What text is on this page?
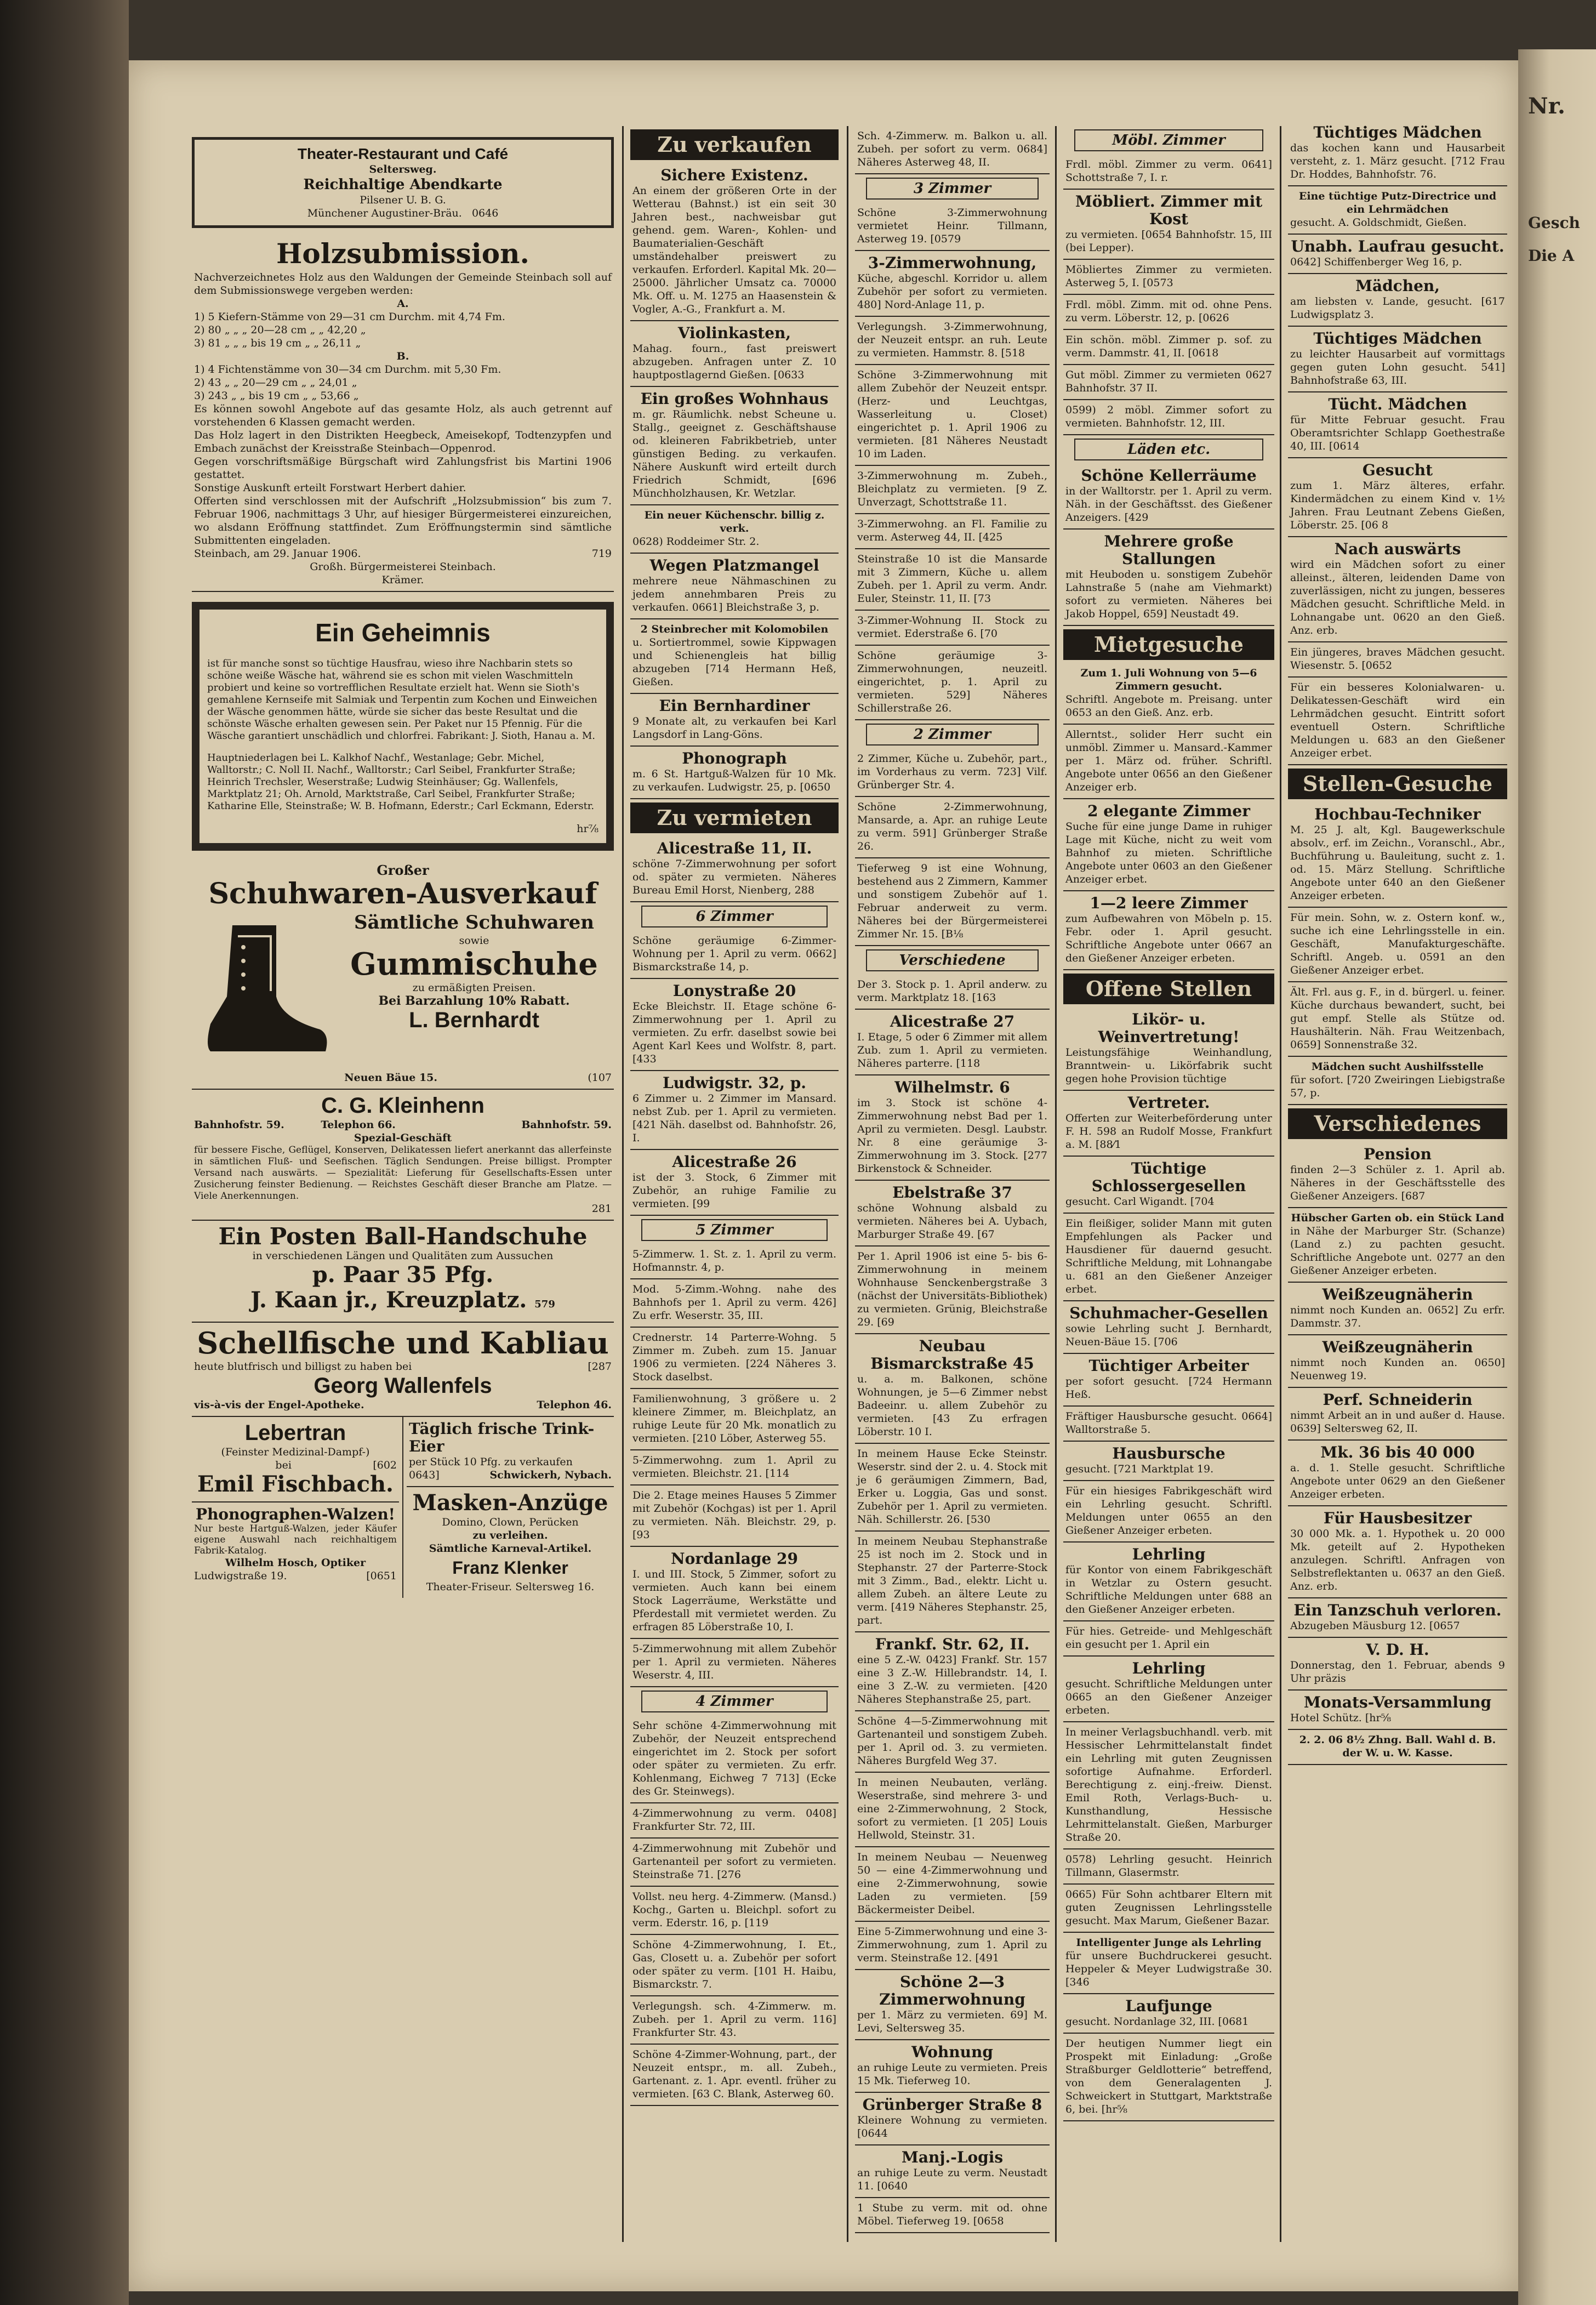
Nr.
Gesch
Die A
Theater-Restaurant und Café
Seltersweg.
Reichhaltige Abendkarte
Pilsener U. B. G.
Münchener Augustiner-Bräu. 0646
Holzsubmission.

Nachverzeichnetes Holz aus den Waldungen der Gemeinde Steinbach soll auf dem Submissionswege vergeben werden:

A.
1) 5 Kiefern-Stämme von 29—31 cm Durchm. mit 4,74 Fm.
2) 80 „ „ „ 20—28 cm „ „ 42,20 „
3) 81 „ „ „ bis 19 cm „ „ 26,11 „
B.
1) 4 Fichtenstämme von 30—34 cm Durchm. mit 5,30 Fm.
2) 43 „ „ 20—29 cm „ „ 24,01 „
3) 243 „ „ bis 19 cm „ „ 53,66 „

Es können sowohl Angebote auf das gesamte Holz, als auch getrennt auf vorstehenden 6 Klassen gemacht werden.

Das Holz lagert in den Distrikten Heegbeck, Ameisekopf, Todtenzypfen und Embach zunächst der Kreisstraße Steinbach—Oppenrod.

Gegen vorschriftsmäßige Bürgschaft wird Zahlungsfrist bis Martini 1906 gestattet.

Sonstige Auskunft erteilt Forstwart Herbert dahier.

Offerten sind verschlossen mit der Aufschrift „Holzsubmission“ bis zum 7. Februar 1906, nachmittags 3 Uhr, auf hiesiger Bürgermeisterei einzureichen, wo alsdann Eröffnung stattfindet. Zum Eröffnungstermin sind sämtliche Submittenten eingeladen.

Steinbach, am 29. Januar 1906.	719
Großh. Bürgermeisterei Steinbach.
Krämer.
Ein Geheimnis

ist für manche sonst so tüchtige Hausfrau, wieso ihre Nachbarin stets so schöne weiße Wäsche hat, während sie es schon mit vielen Waschmitteln probiert und keine so vortrefflichen Resultate erzielt hat. Wenn sie Sioth's gemahlene Kernseife mit Salmiak und Terpentin zum Kochen und Einweichen der Wäsche genommen hätte, würde sie sicher das beste Resultat und die schönste Wäsche erhalten gewesen sein. Per Paket nur 15 Pfennig. Für die Wäsche garantiert unschädlich und chlorfrei. Fabrikant: J. Sioth, Hanau a. M.

Hauptniederlagen bei L. Kalkhof Nachf., Westanlage; Gebr. Michel, Walltorstr.; C. Noll II. Nachf., Walltorstr.; Carl Seibel, Frankfurter Straße; Heinrich Trechsler, Weserstraße; Ludwig Steinhäuser; Gg. Wallenfels, Marktplatz 21; Oh. Arnold, Marktstraße, Carl Seibel, Frankfurter Straße; Katharine Elle, Steinstraße; W. B. Hofmann, Ederstr.; Carl Eckmann, Ederstr.

hr⅞
Großer
Schuhwaren-Ausverkauf
Sämtliche Schuhwaren
sowie
Gummischuhe
zu ermäßigten Preisen.
Bei Barzahlung 10% Rabatt.
L. Bernhardt
Neuen Bäue 15.	(107
C. G. Kleinhenn
Bahnhofstr. 59.	Telephon 66.	Bahnhofstr. 59.
Spezial-Geschäft

für bessere Fische, Geflügel, Konserven, Delikatessen liefert anerkannt das allerfeinste in sämtlichen Fluß- und Seefischen. Täglich Sendungen. Preise billigst. Prompter Versand nach auswärts. — Spezialität: Lieferung für Gesellschafts-Essen unter Zusicherung feinster Bedienung. — Reichstes Geschäft dieser Branche am Platze. — Viele Anerkennungen.

281
Ein Posten Ball-Handschuhe
in verschiedenen Längen und Qualitäten zum Aussuchen
p. Paar 35 Pfg.
J. Kaan jr., Kreuzplatz. 579
Schellfische und Kabliau
heute blutfrisch und billigst zu haben bei	[287
Georg Wallenfels
vis-à-vis der Engel-Apotheke.	Telephon 46.
Lebertran
(Feinster Medizinal-Dampf-)
bei	[602
Emil Fischbach.
Phonographen-Walzen!

Nur beste Hartguß-Walzen, jeder Käufer eigene Auswahl nach reichhaltigem Fabrik-Katalog.

Wilhelm Hosch, Optiker
Ludwigstraße 19.	[0651
Täglich frische Trink-Eier
per Stück 10 Pfg. zu verkaufen
0643]	Schwickerh, Nybach.
Masken-Anzüge
Domino, Clown, Perücken
zu verleihen.
Sämtliche Karneval-Artikel.
Franz Klenker
Theater-Friseur. Seltersweg 16.
Zu verkaufen
Sichere Existenz.

An einem der größeren Orte in der Wetterau (Bahnst.) ist ein seit 30 Jahren best., nachweisbar gut gehend. gem. Waren-, Kohlen- und Baumaterialien-Geschäft umständehalber preiswert zu verkaufen. Erforderl. Kapital Mk. 20—25000. Jährlicher Umsatz ca. 70000 Mk. Off. u. M. 1275 an Haasenstein & Vogler, A.-G., Frankfurt a. M.

Violinkasten,

Mahag. fourn., fast preiswert abzugeben. Anfragen unter Z. 10 hauptpostlagernd Gießen. [0633

Ein großes Wohnhaus

m. gr. Räumlichk. nebst Scheune u. Stallg., geeignet z. Geschäftshause od. kleineren Fabrikbetrieb, unter günstigen Beding. zu verkaufen. Nähere Auskunft wird erteilt durch Friedrich Schmidt, [696 Münchholzhausen, Kr. Wetzlar.

Ein neuer Küchenschr. billig z. verk.

0628) Roddeimer Str. 2.

Wegen Platzmangel

mehrere neue Nähmaschinen zu jedem annehmbaren Preis zu verkaufen. 0661] Bleichstraße 3, p.

2 Steinbrecher mit Kolomobilen

u. Sortiertrommel, sowie Kippwagen und Schienengleis hat billig abzugeben [714 Hermann Heß, Gießen.

Ein Bernhardiner

9 Monate alt, zu verkaufen bei Karl Langsdorf in Lang-Göns.

Phonograph

m. 6 St. Hartguß-Walzen für 10 Mk. zu verkaufen. Ludwigstr. 25, p. [0650

Zu vermieten
Alicestraße 11, II.

schöne 7-Zimmerwohnung per sofort od. später zu vermieten. Näheres Bureau Emil Horst, Nienberg, 288

6 Zimmer

Schöne geräumige 6-Zimmer-Wohnung per 1. April zu verm. 0662] Bismarckstraße 14, p.

Lonystraße 20

Ecke Bleichstr. II. Etage schöne 6-Zimmerwohnung per 1. April zu vermieten. Zu erfr. daselbst sowie bei Agent Karl Kees und Wolfstr. 8, part. [433

Ludwigstr. 32, p.

6 Zimmer u. 2 Zimmer im Mansard. nebst Zub. per 1. April zu vermieten. [421 Näh. daselbst od. Bahnhofstr. 26, I.

Alicestraße 26

ist der 3. Stock, 6 Zimmer mit Zubehör, an ruhige Familie zu vermieten. [99

5 Zimmer

5-Zimmerw. 1. St. z. 1. April zu verm. Hofmannstr. 4, p.

Mod. 5-Zimm.-Wohng. nahe des Bahnhofs per 1. April zu verm. 426] Zu erfr. Weserstr. 35, III.

Crednerstr. 14 Parterre-Wohng. 5 Zimmer m. Zubeh. zum 15. Januar 1906 zu vermieten. [224 Näheres 3. Stock daselbst.

Familienwohnung, 3 größere u. 2 kleinere Zimmer, m. Bleichplatz, an ruhige Leute für 20 Mk. monatlich zu vermieten. [210 Löber, Asterweg 55.

5-Zimmerwohng. zum 1. April zu vermieten. Bleichstr. 21. [114

Die 2. Etage meines Hauses 5 Zimmer mit Zubehör (Kochgas) ist per 1. April zu vermieten. Näh. Bleichstr. 29, p. [93

Nordanlage 29

I. und III. Stock, 5 Zimmer, sofort zu vermieten. Auch kann bei einem Stock Lagerräume, Werkstätte und Pferdestall mit vermietet werden. Zu erfragen 85 Löberstraße 10, I.

5-Zimmerwohnung mit allem Zubehör per 1. April zu vermieten. Näheres Weserstr. 4, III.

4 Zimmer

Sehr schöne 4-Zimmerwohnung mit Zubehör, der Neuzeit entsprechend eingerichtet im 2. Stock per sofort oder später zu vermieten. Zu erfr. Kohlenmang, Eichweg 7 713] (Ecke des Gr. Steinwegs).

4-Zimmerwohnung zu verm. 0408] Frankfurter Str. 72, III.

4-Zimmerwohnung mit Zubehör und Gartenanteil per sofort zu vermieten. Steinstraße 71. [276

Vollst. neu herg. 4-Zimmerw. (Mansd.) Kochg., Garten u. Bleichpl. sofort zu verm. Ederstr. 16, p. [119

Schöne 4-Zimmerwohnung, I. Et., Gas, Closett u. a. Zubehör per sofort oder später zu verm. [101 H. Haibu, Bismarckstr. 7.

Verlegungsh. sch. 4-Zimmerw. m. Zubeh. per 1. April zu verm. 116] Frankfurter Str. 43.

Schöne 4-Zimmer-Wohnung, part., der Neuzeit entspr., m. all. Zubeh., Gartenant. z. 1. Apr. eventl. früher zu vermieten. [63 C. Blank, Asterweg 60.

Sch. 4-Zimmerw. m. Balkon u. all. Zubeh. per sofort zu verm. 0684] Näheres Asterweg 48, II.

3 Zimmer

Schöne 3-Zimmerwohnung vermietet Heinr. Tillmann, Asterweg 19. [0579

3-Zimmerwohnung,

Küche, abgeschl. Korridor u. allem Zubehör per sofort zu vermieten. 480] Nord-Anlage 11, p.

Verlegungsh. 3-Zimmerwohnung, der Neuzeit entspr. an ruh. Leute zu vermieten. Hammstr. 8. [518

Schöne 3-Zimmerwohnung mit allem Zubehör der Neuzeit entspr. (Herz- und Leuchtgas, Wasserleitung u. Closet) eingerichtet p. 1. April 1906 zu vermieten. [81 Näheres Neustadt 10 im Laden.

3-Zimmerwohnung m. Zubeh., Bleichplatz zu vermieten. [9 Z. Unverzagt, Schottstraße 11.

3-Zimmerwohng. an Fl. Familie zu verm. Asterweg 44, II. [425

Steinstraße 10 ist die Mansarde mit 3 Zimmern, Küche u. allem Zubeh. per 1. April zu verm. Andr. Euler, Steinstr. 11, II. [73

3-Zimmer-Wohnung II. Stock zu vermiet. Ederstraße 6. [70

Schöne geräumige 3-Zimmerwohnungen, neuzeitl. eingerichtet, p. 1. April zu vermieten. 529] Näheres Schillerstraße 26.

2 Zimmer

2 Zimmer, Küche u. Zubehör, part., im Vorderhaus zu verm. 723] Vilf. Grünberger Str. 4.

Schöne 2-Zimmerwohnung, Mansarde, a. Apr. an ruhige Leute zu verm. 591] Grünberger Straße 26.

Tieferweg 9 ist eine Wohnung, bestehend aus 2 Zimmern, Kammer und sonstigem Zubehör auf 1. Februar anderweit zu verm. Näheres bei der Bürgermeisterei Zimmer Nr. 15. [B⅛

Verschiedene

Der 3. Stock p. 1. April anderw. zu verm. Marktplatz 18. [163

Alicestraße 27

I. Etage, 5 oder 6 Zimmer mit allem Zub. zum 1. April zu vermieten. Näheres parterre. [118

Wilhelmstr. 6

im 3. Stock ist schöne 4-Zimmerwohnung nebst Bad per 1. April zu vermieten. Desgl. Laubstr. Nr. 8 eine geräumige 3-Zimmerwohnung im 3. Stock. [277 Birkenstock & Schneider.

Ebelstraße 37

schöne Wohnung alsbald zu vermieten. Näheres bei A. Uybach, Marburger Straße 49. [67

Per 1. April 1906 ist eine 5- bis 6-Zimmerwohnung in meinem Wohnhause Senckenbergstraße 3 (nächst der Universitäts-Bibliothek) zu vermieten. Grünig, Bleichstraße 29. [69

Neubau Bismarckstraße 45

u. a. m. Balkonen, schöne Wohnungen, je 5—6 Zimmer nebst Badeeinr. u. allem Zubehör zu vermieten. [43 Zu erfragen Löberstr. 10 I.

In meinem Hause Ecke Steinstr. Weserstr. sind der 2. u. 4. Stock mit je 6 geräumigen Zimmern, Bad, Erker u. Loggia, Gas und sonst. Zubehör per 1. April zu vermieten. Näh. Schillerstr. 26. [530

In meinem Neubau Stephanstraße 25 ist noch im 2. Stock und in Stephanstr. 27 der Parterre-Stock mit 3 Zimm., Bad., elektr. Licht u. allem Zubeh. an ältere Leute zu verm. [419 Näheres Stephanstr. 25, part.

Frankf. Str. 62, II.

eine 5 Z.-W. 0423] Frankf. Str. 157 eine 3 Z.-W. Hillebrandstr. 14, I. eine 3 Z.-W. zu vermieten. [420 Näheres Stephanstraße 25, part.

Schöne 4—5-Zimmerwohnung mit Gartenanteil und sonstigem Zubeh. per 1. April od. 3. zu vermieten. Näheres Burgfeld Weg 37.

In meinen Neubauten, verläng. Weserstraße, sind mehrere 3- und eine 2-Zimmerwohnung, 2 Stock, sofort zu vermieten. [1 205] Louis Hellwold, Steinstr. 31.

In meinem Neubau — Neuenweg 50 — eine 4-Zimmerwohnung und eine 2-Zimmerwohnung, sowie Laden zu vermieten. [59 Bäckermeister Deibel.

Eine 5-Zimmerwohnung und eine 3-Zimmerwohnung, zum 1. April zu verm. Steinstraße 12. [491

Schöne 2—3 Zimmerwohnung

per 1. März zu vermieten. 69] M. Levi, Seltersweg 35.

Wohnung

an ruhige Leute zu vermieten. Preis 15 Mk. Tieferweg 10.

Grünberger Straße 8

Kleinere Wohnung zu vermieten. [0644

Manj.-Logis

an ruhige Leute zu verm. Neustadt 11. [0640

1 Stube zu verm. mit od. ohne Möbel. Tieferweg 19. [0658

Möbl. Zimmer

Frdl. möbl. Zimmer zu verm. 0641] Schottstraße 7, I. r.

Möbliert. Zimmer mit Kost

zu vermieten. [0654 Bahnhofstr. 15, III (bei Lepper).

Möbliertes Zimmer zu vermieten. Asterweg 5, I. [0573

Frdl. möbl. Zimm. mit od. ohne Pens. zu verm. Löberstr. 12, p. [0626

Ein schön. möbl. Zimmer p. sof. zu verm. Dammstr. 41, II. [0618

Gut möbl. Zimmer zu vermieten 0627 Bahnhofstr. 37 II.

0599) 2 möbl. Zimmer sofort zu vermieten. Bahnhofstr. 12, III.

Läden etc.
Schöne Kellerräume

in der Walltorstr. per 1. April zu verm. Näh. in der Geschäftsst. des Gießener Anzeigers. [429

Mehrere große Stallungen

mit Heuboden u. sonstigem Zubehör Lahnstraße 5 (nahe am Viehmarkt) sofort zu vermieten. Näheres bei Jakob Hoppel, 659] Neustadt 49.

Mietgesuche
Zum 1. Juli Wohnung von 5—6 Zimmern gesucht.

Schriftl. Angebote m. Preisang. unter 0653 an den Gieß. Anz. erb.

Allerntst., solider Herr sucht ein unmöbl. Zimmer u. Mansard.-Kammer per 1. März od. früher. Schriftl. Angebote unter 0656 an den Gießener Anzeiger erb.

2 elegante Zimmer

Suche für eine junge Dame in ruhiger Lage mit Küche, nicht zu weit vom Bahnhof zu mieten. Schriftliche Angebote unter 0603 an den Gießener Anzeiger erbet.

1—2 leere Zimmer

zum Aufbewahren von Möbeln p. 15. Febr. oder 1. April gesucht. Schriftliche Angebote unter 0667 an den Gießener Anzeiger erbeten.

Offene Stellen
Likör- u. Weinvertretung!

Leistungsfähige Weinhandlung, Branntwein- u. Likörfabrik sucht gegen hohe Provision tüchtige

Vertreter.

Offerten zur Weiterbeförderung unter F. H. 598 an Rudolf Mosse, Frankfurt a. M. [88⁄1

Tüchtige Schlossergesellen

gesucht. Carl Wigandt. [704

Ein fleißiger, solider Mann mit guten Empfehlungen als Packer und Hausdiener für dauernd gesucht. Schriftliche Meldung, mit Lohnangabe u. 681 an den Gießener Anzeiger erbet.

Schuhmacher-Gesellen

sowie Lehrling sucht J. Bernhardt, Neuen-Bäue 15. [706

Tüchtiger Arbeiter

per sofort gesucht. [724 Hermann Heß.

Fräftiger Hausbursche gesucht. 0664] Walltorstraße 5.

Hausbursche

gesucht. [721 Marktplat 19.

Für ein hiesiges Fabrikgeschäft wird ein Lehrling gesucht. Schriftl. Meldungen unter 0655 an den Gießener Anzeiger erbeten.

Lehrling

für Kontor von einem Fabrikgeschäft in Wetzlar zu Ostern gesucht. Schriftliche Meldungen unter 688 an den Gießener Anzeiger erbeten.

Für hies. Getreide- und Mehlgeschäft ein gesucht per 1. April ein

Lehrling

gesucht. Schriftliche Meldungen unter 0665 an den Gießener Anzeiger erbeten.

In meiner Verlagsbuchhandl. verb. mit Hessischer Lehrmittelanstalt findet ein Lehrling mit guten Zeugnissen sofortige Aufnahme. Erforderl. Berechtigung z. einj.-freiw. Dienst. Emil Roth, Verlags-Buch- u. Kunsthandlung, Hessische Lehrmittelanstalt. Gießen, Marburger Straße 20.

0578) Lehrling gesucht. Heinrich Tillmann, Glasermstr.

0665) Für Sohn achtbarer Eltern mit guten Zeugnissen Lehrlingsstelle gesucht. Max Marum, Gießener Bazar.

Intelligenter Junge als Lehrling

für unsere Buchdruckerei gesucht. Heppeler & Meyer Ludwigstraße 30. [346

Laufjunge

gesucht. Nordanlage 32, III. [0681

Der heutigen Nummer liegt ein Prospekt mit Einladung: „Große Straßburger Geldlotterie“ betreffend, von dem Generalagenten J. Schweickert in Stuttgart, Marktstraße 6, bei. [hr⅝

Tüchtiges Mädchen

das kochen kann und Hausarbeit versteht, z. 1. März gesucht. [712 Frau Dr. Hoddes, Bahnhofstr. 76.

Eine tüchtige Putz-Directrice und ein Lehrmädchen

gesucht. A. Goldschmidt, Gießen.

Unabh. Laufrau gesucht.

0642] Schiffenberger Weg 16, p.

Mädchen,

am liebsten v. Lande, gesucht. [617 Ludwigsplatz 3.

Tüchtiges Mädchen

zu leichter Hausarbeit auf vormittags gegen guten Lohn gesucht. 541] Bahnhofstraße 63, III.

Tücht. Mädchen

für Mitte Februar gesucht. Frau Oberamtsrichter Schlapp Goethestraße 40, III. [0614

Gesucht

zum 1. März älteres, erfahr. Kindermädchen zu einem Kind v. 1½ Jahren. Frau Leutnant Zebens Gießen, Löberstr. 25. [06 8

Nach auswärts

wird ein Mädchen sofort zu einer alleinst., älteren, leidenden Dame von zuverlässigen, nicht zu jungen, besseres Mädchen gesucht. Schriftliche Meld. in Lohnangabe unt. 0620 an den Gieß. Anz. erb.

Ein jüngeres, braves Mädchen gesucht. Wiesenstr. 5. [0652

Für ein besseres Kolonialwaren- u. Delikatessen-Geschäft wird ein Lehrmädchen gesucht. Eintritt sofort eventuell Ostern. Schriftliche Meldungen u. 683 an den Gießener Anzeiger erbet.

Stellen-Gesuche
Hochbau-Techniker

M. 25 J. alt, Kgl. Baugewerkschule absolv., erf. im Zeichn., Voranschl., Abr., Buchführung u. Bauleitung, sucht z. 1. od. 15. März Stellung. Schriftliche Angebote unter 640 an den Gießener Anzeiger erbeten.

Für mein. Sohn, w. z. Ostern konf. w., suche ich eine Lehrlingsstelle in ein. Geschäft, Manufakturgeschäfte. Schriftl. Angeb. u. 0591 an den Gießener Anzeiger erbet.

Ält. Frl. aus g. F., in d. bürgerl. u. feiner. Küche durchaus bewandert, sucht, bei gut empf. Stelle als Stütze od. Haushälterin. Näh. Frau Weitzenbach, 0659] Sonnenstraße 32.

Mädchen sucht Aushilfsstelle

für sofort. [720 Zweiringen Liebigstraße 57, p.

Verschiedenes
Pension

finden 2—3 Schüler z. 1. April ab. Näheres in der Geschäftsstelle des Gießener Anzeigers. [687

Hübscher Garten ob. ein Stück Land

in Nähe der Marburger Str. (Schanze) (Land z.) zu pachten gesucht. Schriftliche Angebote unt. 0277 an den Gießener Anzeiger erbeten.

Weißzeugnäherin

nimmt noch Kunden an. 0652] Zu erfr. Dammstr. 37.

Weißzeugnäherin

nimmt noch Kunden an. 0650] Neuenweg 19.

Perf. Schneiderin

nimmt Arbeit an in und außer d. Hause. 0639] Seltersweg 62, II.

Mk. 36 bis 40 000

a. d. 1. Stelle gesucht. Schriftliche Angebote unter 0629 an den Gießener Anzeiger erbeten.

Für Hausbesitzer

30 000 Mk. a. 1. Hypothek u. 20 000 Mk. geteilt auf 2. Hypotheken anzulegen. Schriftl. Anfragen von Selbstreflektanten u. 0637 an den Gieß. Anz. erb.

Ein Tanzschuh verloren.

Abzugeben Mäusburg 12. [0657

V. D. H.

Donnerstag, den 1. Februar, abends 9 Uhr präzis

Monats-Versammlung

Hotel Schütz. [hr⅝

2. 2. 06 8½ Zhng. Ball. Wahl d. B. der W. u. W. Kasse.
